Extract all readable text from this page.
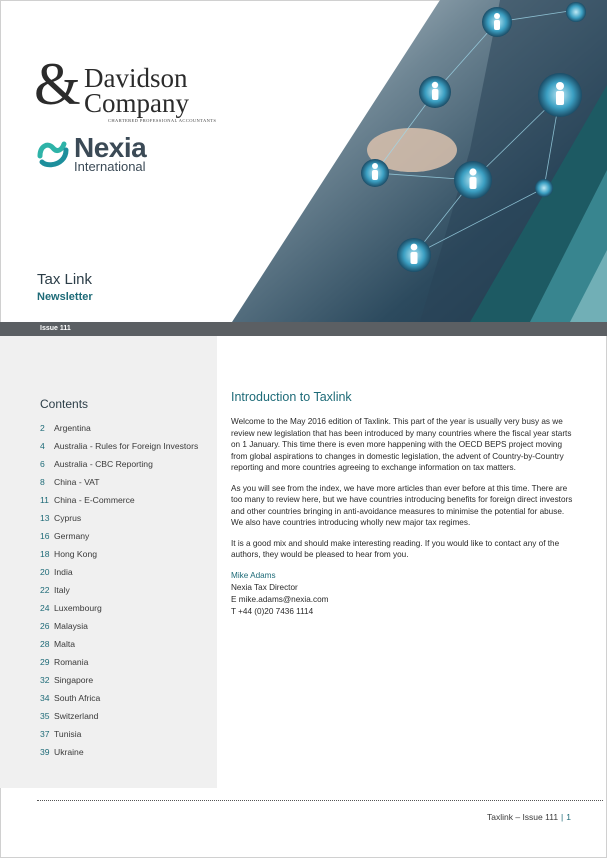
& Davidson
Company
CHARTERED PROFESSIONAL ACCOUNTANTS
Nexia
International
Tax Link
Newsletter
Issue 111
Contents
2 Argentina
4 Australia - Rules for Foreign Investors
6 Australia - CBC Reporting
8 China - VAT
11 China - E-Commerce
13 Cyprus
16 Germany
18 Hong Kong
20 India
22 Italy
24 Luxembourg
26 Malaysia
28 Malta
29 Romania
32 Singapore
34 South Africa
35 Switzerland
37 Tunisia
39 Ukraine
Introduction to Taxlink

Welcome to the May 2016 edition of Taxlink. This part of the year is usually very busy as we review new legislation that has been introduced by many countries where the fiscal year starts on 1 January. This time there is even more happening with the OECD BEPS project moving from global aspirations to changes in domestic legislation, the advent of Country-by-Country reporting and more countries agreeing to exchange information on tax matters.

As you will see from the index, we have more articles than ever before at this time. There are too many to review here, but we have countries introducing benefits for foreign direct investors and other countries bringing in anti-avoidance measures to minimise the potential for abuse. We also have countries introducing wholly new major tax regimes.

It is a good mix and should make interesting reading. If you would like to contact any of the authors, they would be pleased to hear from you.

Mike Adams
Nexia Tax Director
E mike.adams@nexia.com
T +44 (0)20 7436 1114
Taxlink – Issue 111 | 1
